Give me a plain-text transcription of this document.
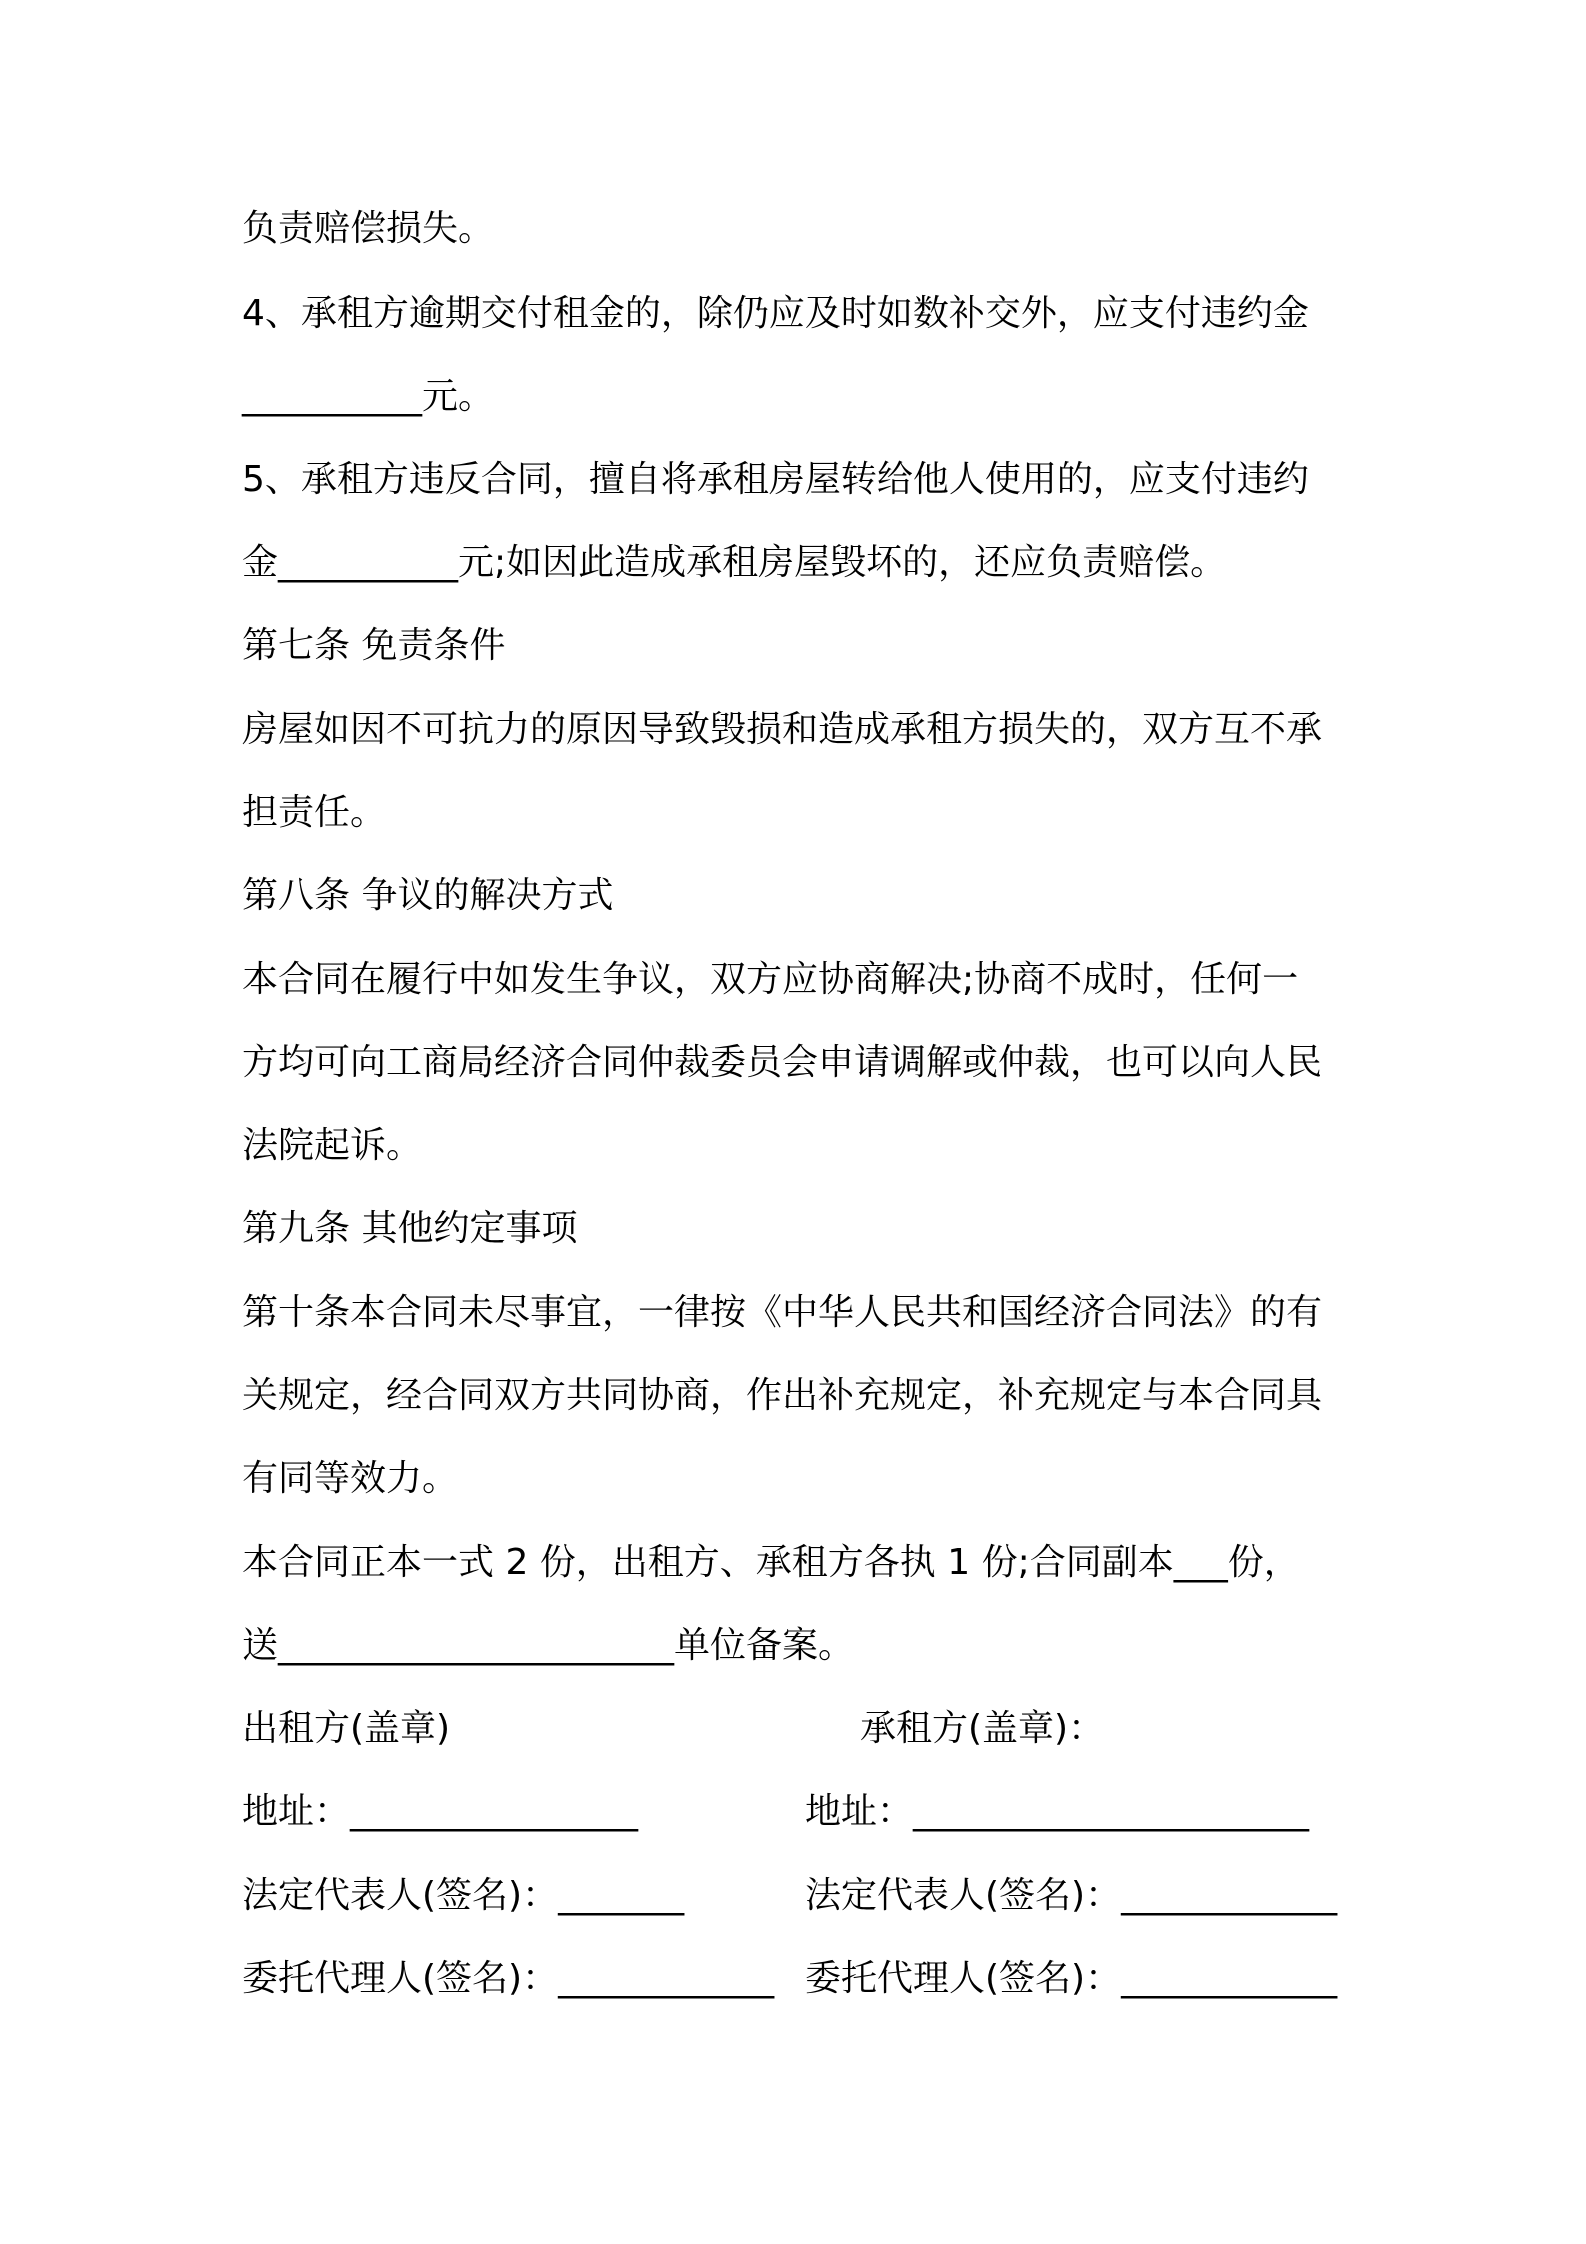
负责赔偿损失。
4、承租方逾期交付租金的，除仍应及时如数补交外，应支付违约金
__________元。
5、承租方违反合同，擅自将承租房屋转给他人使用的，应支付违约
金__________元;如因此造成承租房屋毁坏的，还应负责赔偿。
第七条 免责条件
房屋如因不可抗力的原因导致毁损和造成承租方损失的，双方互不承
担责任。
第八条 争议的解决方式
本合同在履行中如发生争议，双方应协商解决;协商不成时，任何一
方均可向工商局经济合同仲裁委员会申请调解或仲裁，也可以向人民
法院起诉。
第九条 其他约定事项
第十条本合同未尽事宜，一律按《中华人民共和国经济合同法》的有
关规定，经合同双方共同协商，作出补充规定，补充规定与本合同具
有同等效力。
本合同正本一式 2 份，出租方、承租方各执 1 份;合同副本___份，
送______________________单位备案。
出租方(盖章)	承租方(盖章)：
地址：________________	地址：______________________
法定代表人(签名)：_______	法定代表人(签名)：____________
委托代理人(签名)：____________ 委托代理人(签名)：____________
